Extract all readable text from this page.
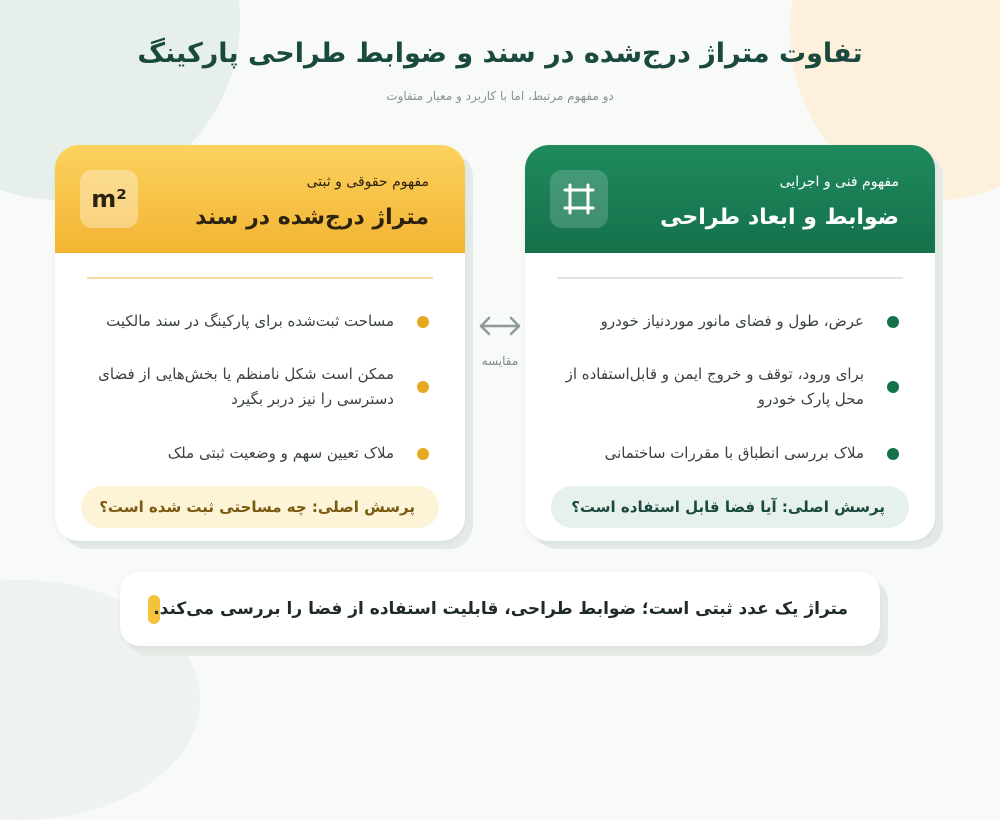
تفاوت متراژ درج‌شده در سند و ضوابط طراحی پارکینگ
دو مفهوم مرتبط، اما با کاربرد و معیار متفاوت
مفهوم حقوقی و ثبتی
متراژ درج‌شده در سند
m²
مساحت ثبت‌شده برای پارکینگ در سند مالکیت
ممکن است شکل نامنظم یا بخش‌هایی از فضای دسترسی را نیز دربر بگیرد
ملاک تعیین سهم و وضعیت ثبتی ملک
پرسش اصلی: چه مساحتی ثبت شده است؟
مفهوم فنی و اجرایی
ضوابط و ابعاد طراحی
عرض، طول و فضای مانور موردنیاز خودرو
برای ورود، توقف و خروج ایمن و قابل‌استفاده از محل پارک خودرو
ملاک بررسی انطباق با مقررات ساختمانی
پرسش اصلی: آیا فضا قابل استفاده است؟
مقایسه
متراژ یک عدد ثبتی است؛ ضوابط طراحی، قابلیت استفاده از فضا را بررسی می‌کند.
